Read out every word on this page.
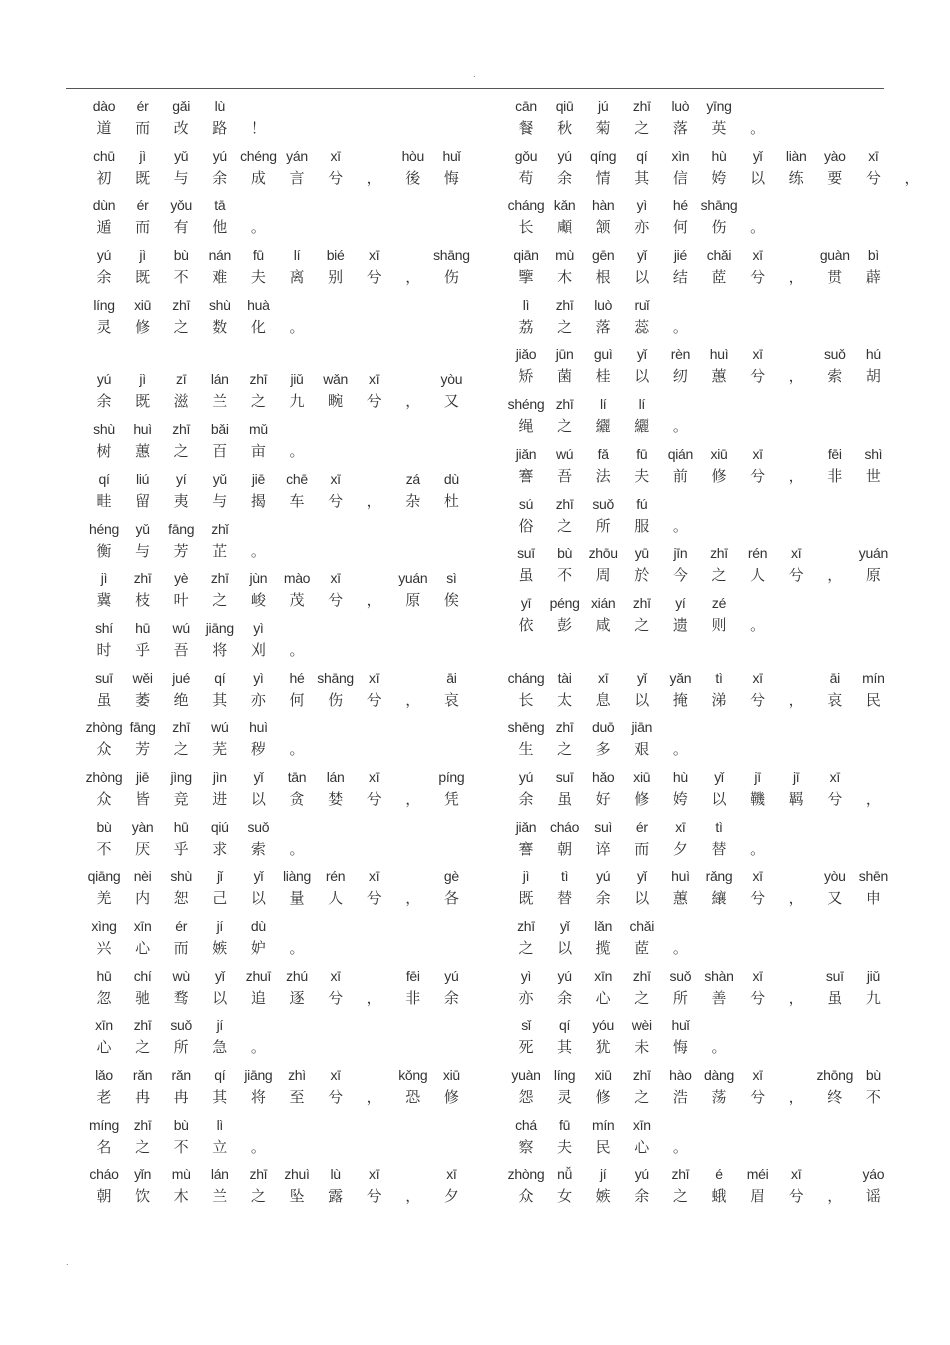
.
dào	ér	gǎi	lù
道	而	改	路	！
chū	jì	yǔ	yú chéng yán	xī	hòu	huǐ
初	既	与	余	成	言	兮	，	後	悔
dùn	ér	yǒu	tā
遁	而	有	他	。
yú	jì	bù	nán	fū	lí	bié	xī	shāng
余	既	不	难	夫	离	别	兮	，	伤
líng	xiū	zhī	shù	huà
灵	修	之	数	化	。
yú	jì	zī	lán	zhī	jiǔ	wǎn	xī	yòu
余	既	滋	兰	之	九	畹	兮	，	又
shù	huì	zhī	bǎi	mǔ
树	蕙	之	百	亩	。
qí	liú	yí	yǔ	jiē	chē	xī	zá	dù
畦	留	夷	与	揭	车	兮	，	杂	杜
héng	yǔ	fāng	zhǐ
衡	与	芳	芷	。
jì	zhī	yè	zhī	jùn	mào	xī	yuán	sì
冀	枝	叶	之	峻	茂	兮	，	原	俟
shí	hū	wú	jiāng	yì
时	乎	吾	将	刈	。
suī	wěi	jué	qí	yì	hé shāng	xī	āi
虽	萎	绝	其	亦	何	伤	兮	，	哀
zhòng fāng	zhī	wú	huì
众	芳	之	芜	秽	。
zhòng jiē	jìng	jìn	yǐ	tān	lán	xī	píng
众	皆	竞	进	以	贪	婪	兮	，	凭
bù	yàn	hū	qiú	suǒ
不	厌	乎	求	索	。
qiāng nèi	shù	jǐ	yǐ	liàng	rén	xī	gè
羌	内	恕	己	以	量	人	兮	，	各
xìng	xīn	ér	jí	dù
兴	心	而	嫉	妒	。
hū	chí	wù	yǐ	zhuī	zhú	xī	fēi	yú
忽	驰	骛	以	追	逐	兮	，	非	余
xīn	zhī	suǒ	jí
心	之	所	急	。
lǎo	rǎn	rǎn	qí	jiāng	zhì	xī	kǒng	xiū
老	冉	冉	其	将	至	兮	，	恐	修
míng	zhī	bù	lì
名	之	不	立	。
cháo	yǐn	mù	lán	zhī	zhuì	lù	xī	xī
朝	饮	木	兰	之	坠	露	兮	，	夕
cān	qiū	jú	zhī	luò	yīng
餐	秋	菊	之	落	英	。
gǒu	yú	qíng	qí	xìn	hù	yǐ	liàn	yào	xī
苟	余	情	其	信	姱	以	练	要	兮	，
cháng kǎn	hàn	yì	hé shāng
长	顑	颔	亦	何	伤	。
qiān	mù	gēn	yǐ	jié	chǎi	xī	guàn	bì
擥	木	根	以	结	茝	兮	，	贯	薜
lì	zhī	luò	ruǐ
荔	之	落	蕊	。
jiǎo	jūn	guì	yǐ	rèn	huì	xī	suǒ	hú
矫	菌	桂	以	纫	蕙	兮	，	索	胡
shéng zhī	lí	lí
绳	之	纚	纚	。
jiǎn	wú	fǎ	fū	qián	xiū	xī	fēi	shì
謇	吾	法	夫	前	修	兮	，	非	世
sú	zhī	suǒ	fú
俗	之	所	服	。
suī	bù	zhōu	yū	jīn	zhī	rén	xī	yuán
虽	不	周	於	今	之	人	兮	，	原
yī	péng xián	zhī	yí	zé
依	彭	咸	之	遗	则	。
cháng tài	xī	yǐ	yǎn	tì	xī	āi	mín
长	太	息	以	掩	涕	兮	，	哀	民
shēng zhī	duō	jiān
生	之	多	艰	。
yú	suī	hǎo	xiū	hù	yǐ	jī	jī	xī
余	虽	好	修	姱	以	鞿	羁	兮	，
jiǎn cháo	suì	ér	xī	tì
謇	朝	谇	而	夕	替	。
jì	tì	yú	yǐ	huì	rǎng	xī	yòu shēn
既	替	余	以	蕙	纕	兮	，	又	申
zhī	yǐ	lǎn	chǎi
之	以	揽	茝	。
yì	yú	xīn	zhī	suǒ shàn	xī	suī	jiǔ
亦	余	心	之	所	善	兮	，	虽	九
sǐ	qí	yóu	wèi	huǐ
死	其	犹	未	悔	。
yuàn líng	xiū	zhī	hào dàng	xī	zhōng bù
怨	灵	修	之	浩	荡	兮	，	终	不
chá	fū	mín	xīn
察	夫	民	心	。
zhòng nǚ	jí	yú	zhī	é	méi	xī	yáo
众	女	嫉	余	之	蛾	眉	兮	，	谣
.
